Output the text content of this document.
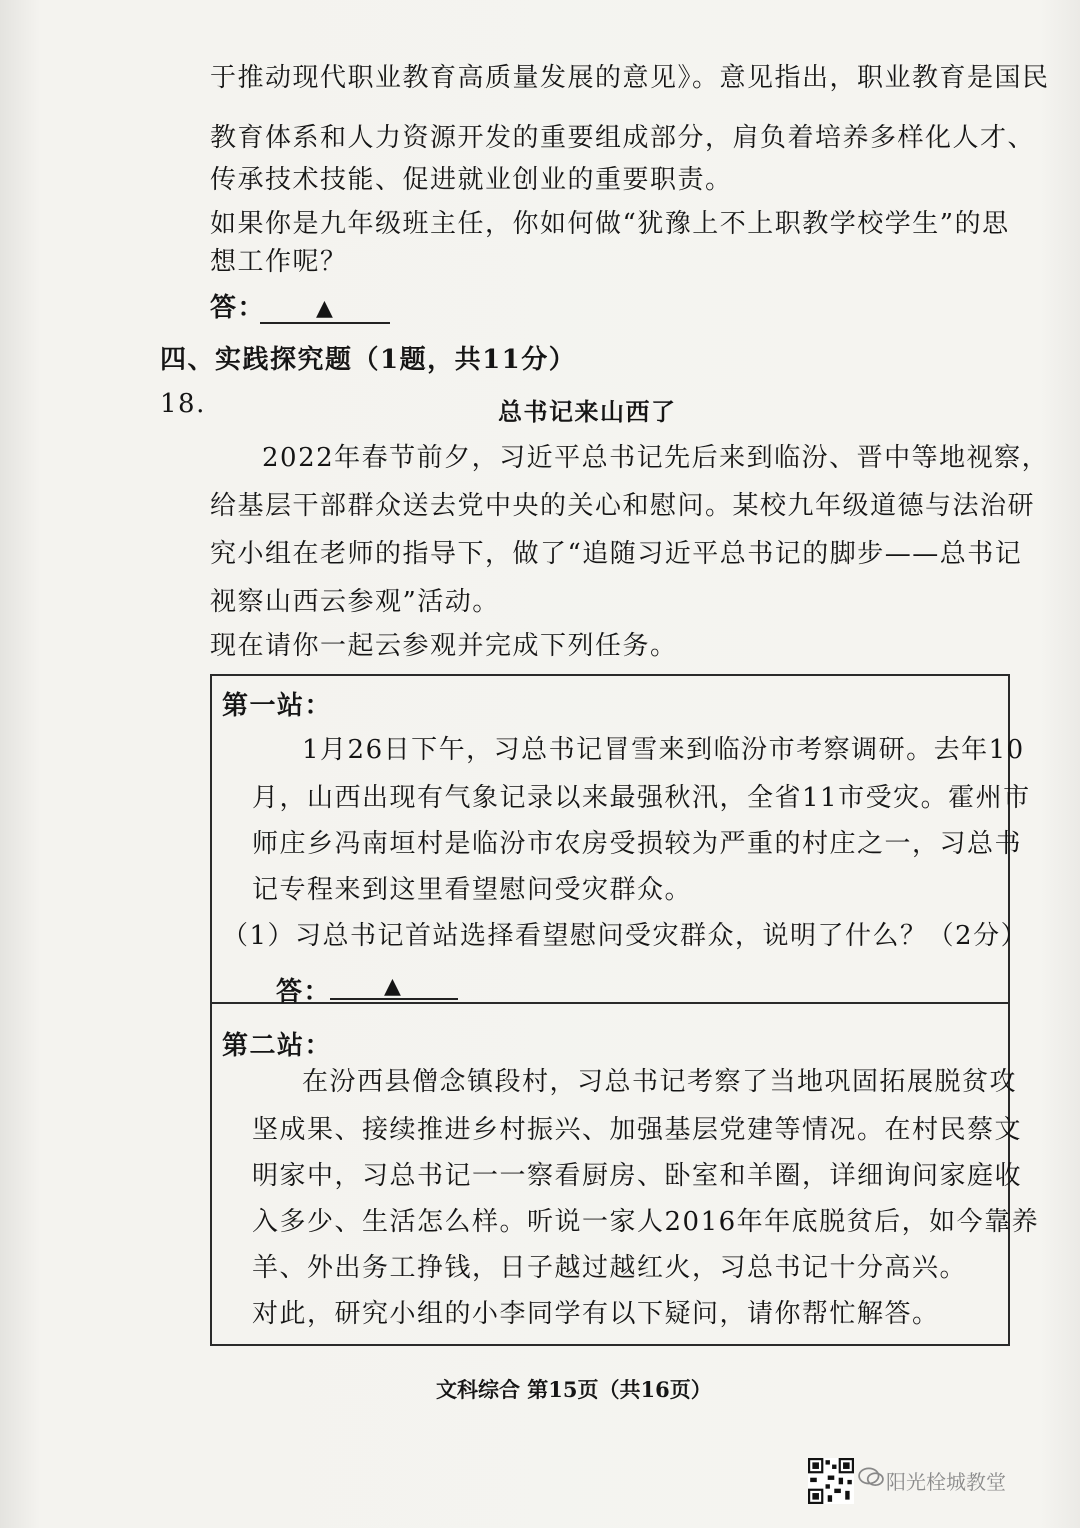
于推动现代职业教育高质量发展的意见》。意见指出，职业教育是国民
教育体系和人力资源开发的重要组成部分，肩负着培养多样化人才、
传承技术技能、促进就业创业的重要职责。
如果你是九年级班主任，你如何做“犹豫上不上职教学校学生”的思
想工作呢？
答： ▲
四、实践探究题（1题，共11分）
18.	总书记来山西了
2022年春节前夕，习近平总书记先后来到临汾、晋中等地视察，
给基层干部群众送去党中央的关心和慰问。某校九年级道德与法治研
究小组在老师的指导下，做了“追随习近平总书记的脚步——总书记
视察山西云参观”活动。
现在请你一起云参观并完成下列任务。
第一站：
1月26日下午，习总书记冒雪来到临汾市考察调研。去年10
月，山西出现有气象记录以来最强秋汛，全省11市受灾。霍州市
师庄乡冯南垣村是临汾市农房受损较为严重的村庄之一，习总书
记专程来到这里看望慰问受灾群众。
（1）习总书记首站选择看望慰问受灾群众，说明了什么？（2分）
答： ▲
第二站：
在汾西县僧念镇段村，习总书记考察了当地巩固拓展脱贫攻
坚成果、接续推进乡村振兴、加强基层党建等情况。在村民蔡文
明家中，习总书记一一察看厨房、卧室和羊圈，详细询问家庭收
入多少、生活怎么样。听说一家人2016年年底脱贫后，如今靠养
羊、外出务工挣钱，日子越过越红火，习总书记十分高兴。
对此，研究小组的小李同学有以下疑问，请你帮忙解答。
文科综合 第15页（共16页）
阳光栓城教堂
